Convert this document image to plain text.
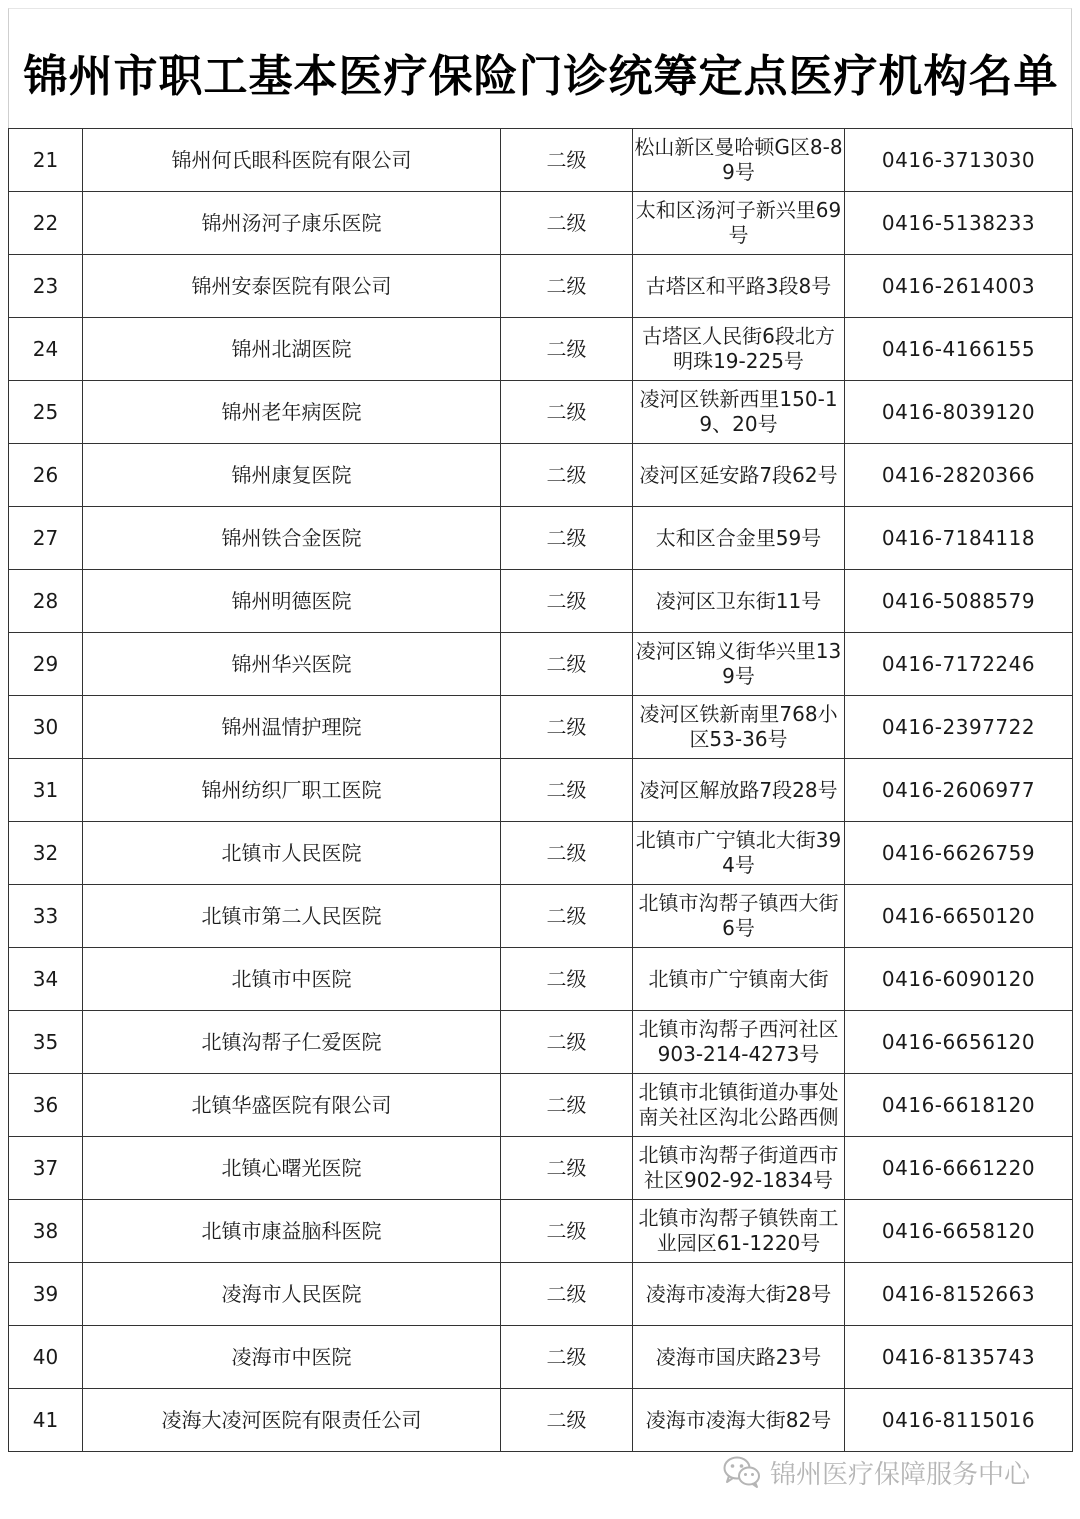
锦州市职工基本医疗保险门诊统筹定点医疗机构名单
21	锦州何氏眼科医院有限公司	二级	松山新区曼哈顿G区8-89号	0416-3713030
22	锦州汤河子康乐医院	二级	太和区汤河子新兴里69号	0416-5138233
23	锦州安泰医院有限公司	二级	古塔区和平路3段8号	0416-2614003
24	锦州北湖医院	二级	古塔区人民街6段北方明珠19-225号	0416-4166155
25	锦州老年病医院	二级	凌河区铁新西里150-19、20号	0416-8039120
26	锦州康复医院	二级	凌河区延安路7段62号	0416-2820366
27	锦州铁合金医院	二级	太和区合金里59号	0416-7184118
28	锦州明德医院	二级	凌河区卫东街11号	0416-5088579
29	锦州华兴医院	二级	凌河区锦义街华兴里139号	0416-7172246
30	锦州温情护理院	二级	凌河区铁新南里768小区53-36号	0416-2397722
31	锦州纺织厂职工医院	二级	凌河区解放路7段28号	0416-2606977
32	北镇市人民医院	二级	北镇市广宁镇北大街394号	0416-6626759
33	北镇市第二人民医院	二级	北镇市沟帮子镇西大街6号	0416-6650120
34	北镇市中医院	二级	北镇市广宁镇南大街	0416-6090120
35	北镇沟帮子仁爱医院	二级	北镇市沟帮子西河社区903-214-4273号	0416-6656120
36	北镇华盛医院有限公司	二级	北镇市北镇街道办事处南关社区沟北公路西侧	0416-6618120
37	北镇心曙光医院	二级	北镇市沟帮子街道西市社区902-92-1834号	0416-6661220
38	北镇市康益脑科医院	二级	北镇市沟帮子镇铁南工业园区61-1220号	0416-6658120
39	凌海市人民医院	二级	凌海市凌海大街28号	0416-8152663
40	凌海市中医院	二级	凌海市国庆路23号	0416-8135743
41	凌海大凌河医院有限责任公司	二级	凌海市凌海大街82号	0416-8115016
锦州医疗保障服务中心
